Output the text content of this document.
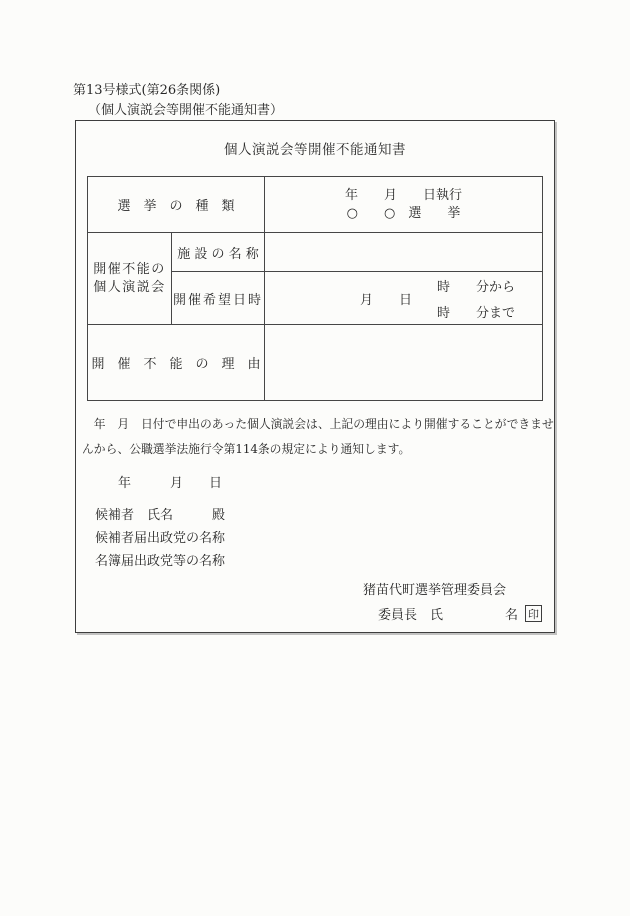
第13号様式(第26条関係)
（個人演説会等開催不能通知書）
個人演説会等開催不能通知書
選　挙　の　種　類		年　　月　　日執行
○　　○　選　　挙

開催不能の
個人演説会	施 設 の 名 称	
	開催希望日時	月　　日
時　　分から
時　　分まで

開　催　不　能　の　理　由		
　年　月　日付で申出のあった個人演説会は、上記の理由により開催することができませ
んから、公職選挙法施行令第114条の規定により通知します。
年　　　月　　日
候補者　氏名　　　殿
候補者届出政党の名称
名簿届出政党等の名称
猪苗代町選挙管理委員会
委員長　氏	名 印
